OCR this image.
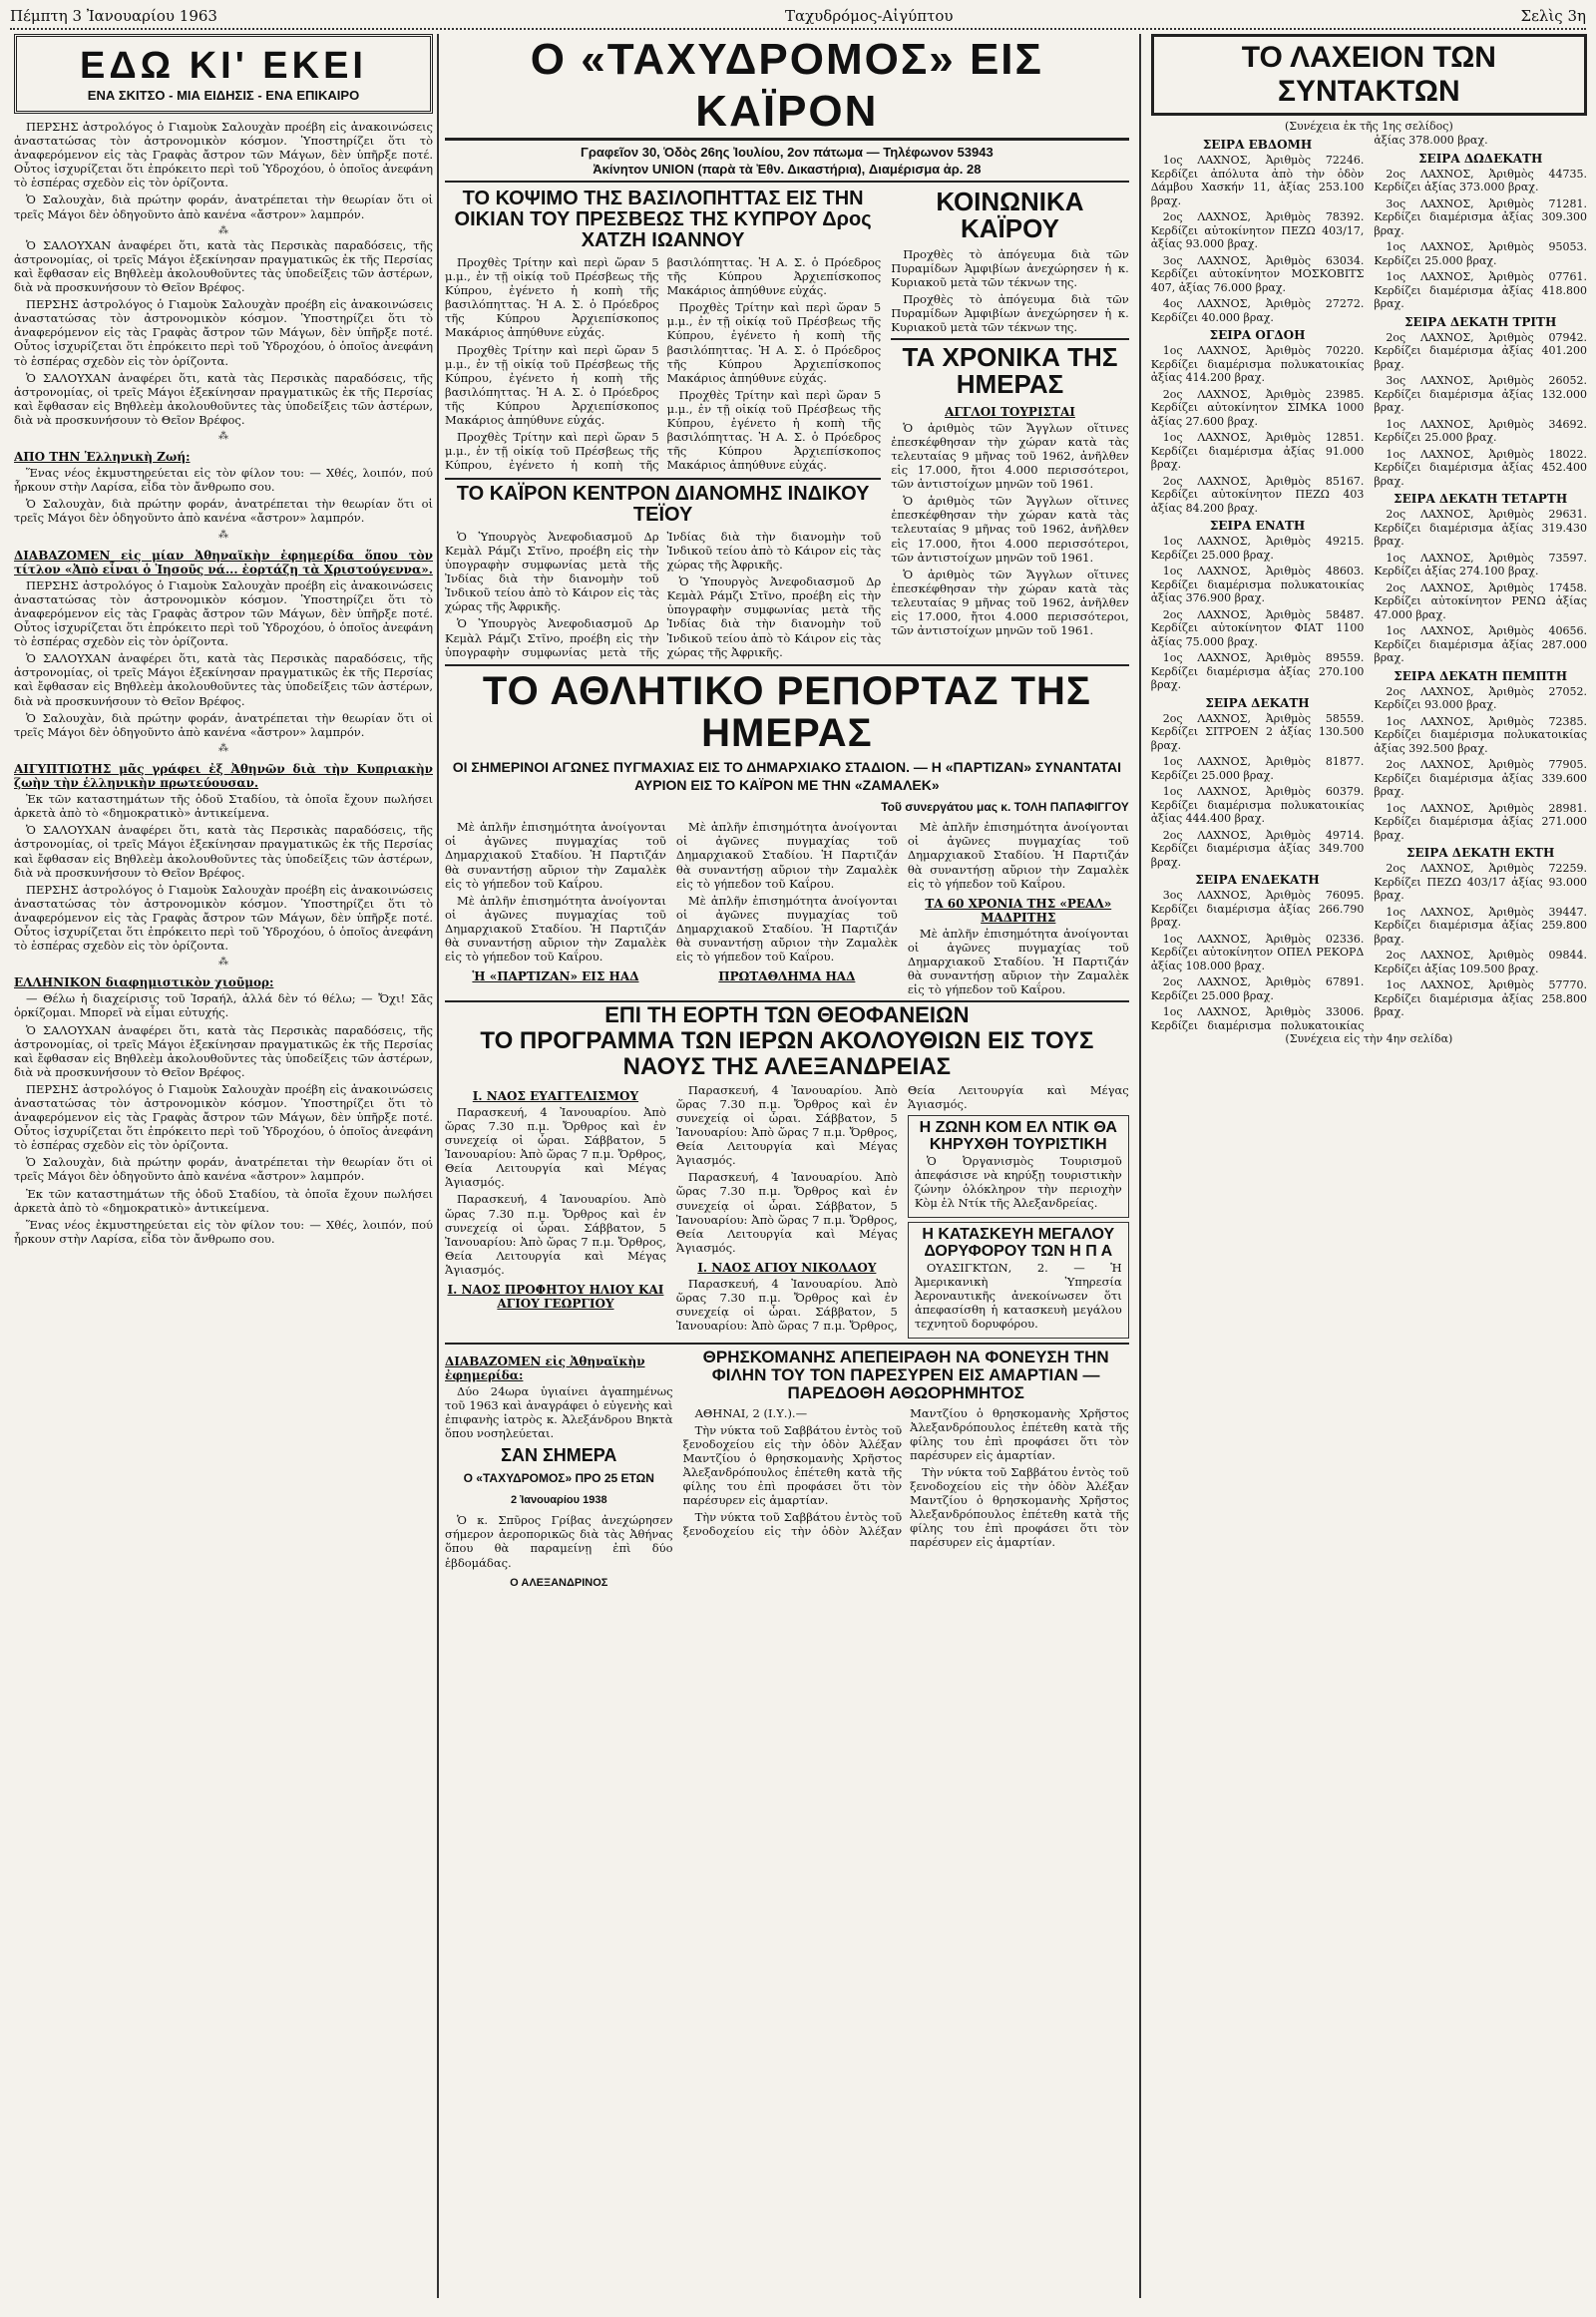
Πέμπτη 3 Ἰανουαρίου 1963	Ταχυδρόμος-Αἰγύπτου	Σελὶς 3η
ΕΔΩ ΚΙ' ΕΚΕΙ
ΕΝΑ ΣΚΙΤΣΟ - ΜΙΑ ΕΙΔΗΣΙΣ - ΕΝΑ ΕΠΙΚΑΙΡΟ

ΠΕΡΣΗΣ ἀστρολόγος ὁ Γιαμοὺκ Σαλουχὰν προέβη εἰς ἀνακοινώσεις ἀναστατώσας τὸν ἀστρονομικὸν κόσμον. Ὑποστηρίζει ὅτι τὸ ἀναφερόμενον εἰς τὰς Γραφὰς ἄστρον τῶν Μάγων, δὲν ὑπῆρξε ποτέ. Οὗτος ἰσχυρίζεται ὅτι ἐπρόκειτο περὶ τοῦ Ὑδροχόου, ὁ ὁποῖος ἀνεφάνη τὸ ἑσπέρας σχεδὸν εἰς τὸν ὁρίζοντα.

Ὁ Σαλουχὰν, διὰ πρώτην φοράν, ἀνατρέπεται τὴν θεωρίαν ὅτι οἱ τρεῖς Μάγοι δὲν ὁδηγοῦντο ἀπὸ κανένα «ἄστρον» λαμπρόν.

⁂

Ὁ ΣΑΛΟΥΧΑΝ ἀναφέρει ὅτι, κατὰ τὰς Περσικὰς παραδόσεις, τῆς ἀστρονομίας, οἱ τρεῖς Μάγοι ἐξεκίνησαν πραγματικῶς ἐκ τῆς Περσίας καὶ ἔφθασαν εἰς Βηθλεὲμ ἀκολουθοῦντες τὰς ὑποδείξεις τῶν ἀστέρων, διὰ νὰ προσκυνήσουν τὸ Θεῖον Βρέφος.

ΠΕΡΣΗΣ ἀστρολόγος ὁ Γιαμοὺκ Σαλουχὰν προέβη εἰς ἀνακοινώσεις ἀναστατώσας τὸν ἀστρονομικὸν κόσμον. Ὑποστηρίζει ὅτι τὸ ἀναφερόμενον εἰς τὰς Γραφὰς ἄστρον τῶν Μάγων, δὲν ὑπῆρξε ποτέ. Οὗτος ἰσχυρίζεται ὅτι ἐπρόκειτο περὶ τοῦ Ὑδροχόου, ὁ ὁποῖος ἀνεφάνη τὸ ἑσπέρας σχεδὸν εἰς τὸν ὁρίζοντα.

Ὁ ΣΑΛΟΥΧΑΝ ἀναφέρει ὅτι, κατὰ τὰς Περσικὰς παραδόσεις, τῆς ἀστρονομίας, οἱ τρεῖς Μάγοι ἐξεκίνησαν πραγματικῶς ἐκ τῆς Περσίας καὶ ἔφθασαν εἰς Βηθλεὲμ ἀκολουθοῦντες τὰς ὑποδείξεις τῶν ἀστέρων, διὰ νὰ προσκυνήσουν τὸ Θεῖον Βρέφος.

⁂
ΑΠΟ ΤΗΝ Ἑλληνικὴ Ζωή:

Ἕνας νέος ἐκμυστηρεύεται εἰς τὸν φίλον του: — Χθές, λοιπόν, πού ἧρκουν στὴν Λαρίσα, εἶδα τὸν ἄνθρωπο σου.

Ὁ Σαλουχὰν, διὰ πρώτην φοράν, ἀνατρέπεται τὴν θεωρίαν ὅτι οἱ τρεῖς Μάγοι δὲν ὁδηγοῦντο ἀπὸ κανένα «ἄστρον» λαμπρόν.

⁂
ΔΙΑΒΑΖΟΜΕΝ εἰς μίαν Ἀθηναϊκὴν ἐφημερίδα ὅπου τὸν τίτλον «Ἀπὸ εἶναι ὁ Ἰησοῦς νά... ἐορτάζη τὰ Χριστούγεννα».

ΠΕΡΣΗΣ ἀστρολόγος ὁ Γιαμοὺκ Σαλουχὰν προέβη εἰς ἀνακοινώσεις ἀναστατώσας τὸν ἀστρονομικὸν κόσμον. Ὑποστηρίζει ὅτι τὸ ἀναφερόμενον εἰς τὰς Γραφὰς ἄστρον τῶν Μάγων, δὲν ὑπῆρξε ποτέ. Οὗτος ἰσχυρίζεται ὅτι ἐπρόκειτο περὶ τοῦ Ὑδροχόου, ὁ ὁποῖος ἀνεφάνη τὸ ἑσπέρας σχεδὸν εἰς τὸν ὁρίζοντα.

Ὁ ΣΑΛΟΥΧΑΝ ἀναφέρει ὅτι, κατὰ τὰς Περσικὰς παραδόσεις, τῆς ἀστρονομίας, οἱ τρεῖς Μάγοι ἐξεκίνησαν πραγματικῶς ἐκ τῆς Περσίας καὶ ἔφθασαν εἰς Βηθλεὲμ ἀκολουθοῦντες τὰς ὑποδείξεις τῶν ἀστέρων, διὰ νὰ προσκυνήσουν τὸ Θεῖον Βρέφος.

Ὁ Σαλουχὰν, διὰ πρώτην φοράν, ἀνατρέπεται τὴν θεωρίαν ὅτι οἱ τρεῖς Μάγοι δὲν ὁδηγοῦντο ἀπὸ κανένα «ἄστρον» λαμπρόν.

⁂
ΑΙΓΥΠΤΙΩΤΗΣ μᾶς γράφει ἐξ Ἀθηνῶν διὰ τὴν Κυπριακὴν ζωὴν τὴν ἑλληνικὴν πρωτεύουσαν.

Ἐκ τῶν καταστημάτων τῆς ὁδοῦ Σταδίου, τὰ ὁποῖα ἔχουν πωλήσει ἀρκετὰ ἀπὸ τὸ «δημοκρατικὸ» ἀντικείμενα.

Ὁ ΣΑΛΟΥΧΑΝ ἀναφέρει ὅτι, κατὰ τὰς Περσικὰς παραδόσεις, τῆς ἀστρονομίας, οἱ τρεῖς Μάγοι ἐξεκίνησαν πραγματικῶς ἐκ τῆς Περσίας καὶ ἔφθασαν εἰς Βηθλεὲμ ἀκολουθοῦντες τὰς ὑποδείξεις τῶν ἀστέρων, διὰ νὰ προσκυνήσουν τὸ Θεῖον Βρέφος.

ΠΕΡΣΗΣ ἀστρολόγος ὁ Γιαμοὺκ Σαλουχὰν προέβη εἰς ἀνακοινώσεις ἀναστατώσας τὸν ἀστρονομικὸν κόσμον. Ὑποστηρίζει ὅτι τὸ ἀναφερόμενον εἰς τὰς Γραφὰς ἄστρον τῶν Μάγων, δὲν ὑπῆρξε ποτέ. Οὗτος ἰσχυρίζεται ὅτι ἐπρόκειτο περὶ τοῦ Ὑδροχόου, ὁ ὁποῖος ἀνεφάνη τὸ ἑσπέρας σχεδὸν εἰς τὸν ὁρίζοντα.

⁂
ΕΛΛΗΝΙΚΟΝ διαφημιστικὸν χιοῦμορ:

— Θέλω ἡ διαχείρισις τοῦ Ἰσραήλ, ἀλλά δὲν τό θέλω; — Ὄχι! Σᾶς ὁρκίζομαι. Μπορεῖ νὰ εἶμαι εὐτυχής.

Ὁ ΣΑΛΟΥΧΑΝ ἀναφέρει ὅτι, κατὰ τὰς Περσικὰς παραδόσεις, τῆς ἀστρονομίας, οἱ τρεῖς Μάγοι ἐξεκίνησαν πραγματικῶς ἐκ τῆς Περσίας καὶ ἔφθασαν εἰς Βηθλεὲμ ἀκολουθοῦντες τὰς ὑποδείξεις τῶν ἀστέρων, διὰ νὰ προσκυνήσουν τὸ Θεῖον Βρέφος.

ΠΕΡΣΗΣ ἀστρολόγος ὁ Γιαμοὺκ Σαλουχὰν προέβη εἰς ἀνακοινώσεις ἀναστατώσας τὸν ἀστρονομικὸν κόσμον. Ὑποστηρίζει ὅτι τὸ ἀναφερόμενον εἰς τὰς Γραφὰς ἄστρον τῶν Μάγων, δὲν ὑπῆρξε ποτέ. Οὗτος ἰσχυρίζεται ὅτι ἐπρόκειτο περὶ τοῦ Ὑδροχόου, ὁ ὁποῖος ἀνεφάνη τὸ ἑσπέρας σχεδὸν εἰς τὸν ὁρίζοντα.

Ὁ Σαλουχὰν, διὰ πρώτην φοράν, ἀνατρέπεται τὴν θεωρίαν ὅτι οἱ τρεῖς Μάγοι δὲν ὁδηγοῦντο ἀπὸ κανένα «ἄστρον» λαμπρόν.

Ἐκ τῶν καταστημάτων τῆς ὁδοῦ Σταδίου, τὰ ὁποῖα ἔχουν πωλήσει ἀρκετὰ ἀπὸ τὸ «δημοκρατικὸ» ἀντικείμενα.

Ἕνας νέος ἐκμυστηρεύεται εἰς τὸν φίλον του: — Χθές, λοιπόν, πού ἧρκουν στὴν Λαρίσα, εἶδα τὸν ἄνθρωπο σου.

Ο «ΤΑΧΥΔΡΟΜΟΣ» ΕΙΣ ΚΑΪΡΟΝ
Γραφεῖον 30, Ὁδὸς 26ης Ἰουλίου, 2ον πάτωμα — Τηλέφωνον 53943
Ἀκίνητον UNION (παρὰ τὰ Ἐθν. Δικαστήρια), Διαμέρισμα ἀρ. 28
ΤΟ ΚΟΨΙΜΟ ΤΗΣ ΒΑΣΙΛΟΠΗΤΤΑΣ ΕΙΣ ΤΗΝ ΟΙΚΙΑΝ ΤΟΥ ΠΡΕΣΒΕΩΣ ΤΗΣ ΚΥΠΡΟΥ Δρος ΧΑΤΖΗ ΙΩΑΝΝΟΥ

Προχθὲς Τρίτην καὶ περὶ ὥραν 5 μ.μ., ἐν τῇ οἰκίᾳ τοῦ Πρέσβεως τῆς Κύπρου, ἐγένετο ἡ κοπὴ τῆς βασιλόπηττας. Ἡ Α. Σ. ὁ Πρόεδρος τῆς Κύπρου Ἀρχιεπίσκοπος Μακάριος ἀπηύθυνε εὐχάς.

Προχθὲς Τρίτην καὶ περὶ ὥραν 5 μ.μ., ἐν τῇ οἰκίᾳ τοῦ Πρέσβεως τῆς Κύπρου, ἐγένετο ἡ κοπὴ τῆς βασιλόπηττας. Ἡ Α. Σ. ὁ Πρόεδρος τῆς Κύπρου Ἀρχιεπίσκοπος Μακάριος ἀπηύθυνε εὐχάς.

Προχθὲς Τρίτην καὶ περὶ ὥραν 5 μ.μ., ἐν τῇ οἰκίᾳ τοῦ Πρέσβεως τῆς Κύπρου, ἐγένετο ἡ κοπὴ τῆς βασιλόπηττας. Ἡ Α. Σ. ὁ Πρόεδρος τῆς Κύπρου Ἀρχιεπίσκοπος Μακάριος ἀπηύθυνε εὐχάς.

Προχθὲς Τρίτην καὶ περὶ ὥραν 5 μ.μ., ἐν τῇ οἰκίᾳ τοῦ Πρέσβεως τῆς Κύπρου, ἐγένετο ἡ κοπὴ τῆς βασιλόπηττας. Ἡ Α. Σ. ὁ Πρόεδρος τῆς Κύπρου Ἀρχιεπίσκοπος Μακάριος ἀπηύθυνε εὐχάς.

Προχθὲς Τρίτην καὶ περὶ ὥραν 5 μ.μ., ἐν τῇ οἰκίᾳ τοῦ Πρέσβεως τῆς Κύπρου, ἐγένετο ἡ κοπὴ τῆς βασιλόπηττας. Ἡ Α. Σ. ὁ Πρόεδρος τῆς Κύπρου Ἀρχιεπίσκοπος Μακάριος ἀπηύθυνε εὐχάς.

ΤΟ ΚΑΪΡΟΝ ΚΕΝΤΡΟΝ ΔΙΑΝΟΜΗΣ ΙΝΔΙΚΟΥ ΤΕΪΟΥ

Ὁ Ὑπουργὸς Ἀνεφοδιασμοῦ Δρ Κεμὰλ Ράμζι Στῖνο, προέβη εἰς τὴν ὑπογραφὴν συμφωνίας μετὰ τῆς Ἰνδίας διὰ τὴν διανομὴν τοῦ Ἰνδικοῦ τείου ἀπὸ τὸ Κάιρον εἰς τὰς χώρας τῆς Ἀφρικῆς.

Ὁ Ὑπουργὸς Ἀνεφοδιασμοῦ Δρ Κεμὰλ Ράμζι Στῖνο, προέβη εἰς τὴν ὑπογραφὴν συμφωνίας μετὰ τῆς Ἰνδίας διὰ τὴν διανομὴν τοῦ Ἰνδικοῦ τείου ἀπὸ τὸ Κάιρον εἰς τὰς χώρας τῆς Ἀφρικῆς.

Ὁ Ὑπουργὸς Ἀνεφοδιασμοῦ Δρ Κεμὰλ Ράμζι Στῖνο, προέβη εἰς τὴν ὑπογραφὴν συμφωνίας μετὰ τῆς Ἰνδίας διὰ τὴν διανομὴν τοῦ Ἰνδικοῦ τείου ἀπὸ τὸ Κάιρον εἰς τὰς χώρας τῆς Ἀφρικῆς.

ΚΟΙΝΩΝΙΚΑ ΚΑΪΡΟΥ

Προχθὲς τὸ ἀπόγευμα διὰ τῶν Πυραμίδων Ἀμφιβίων ἀνεχώρησεν ἡ κ. Κυριακοῦ μετὰ τῶν τέκνων της.

Προχθὲς τὸ ἀπόγευμα διὰ τῶν Πυραμίδων Ἀμφιβίων ἀνεχώρησεν ἡ κ. Κυριακοῦ μετὰ τῶν τέκνων της.

ΤΑ ΧΡΟΝΙΚΑ ΤΗΣ ΗΜΕΡΑΣ
ΑΓΓΛΟΙ ΤΟΥΡΙΣΤΑΙ

Ὁ ἀριθμὸς τῶν Ἄγγλων οἵτινες ἐπεσκέφθησαν τὴν χώραν κατὰ τὰς τελευταίας 9 μῆνας τοῦ 1962, ἀνῆλθεν εἰς 17.000, ἤτοι 4.000 περισσότεροι, τῶν ἀντιστοίχων μηνῶν τοῦ 1961.

Ὁ ἀριθμὸς τῶν Ἄγγλων οἵτινες ἐπεσκέφθησαν τὴν χώραν κατὰ τὰς τελευταίας 9 μῆνας τοῦ 1962, ἀνῆλθεν εἰς 17.000, ἤτοι 4.000 περισσότεροι, τῶν ἀντιστοίχων μηνῶν τοῦ 1961.

Ὁ ἀριθμὸς τῶν Ἄγγλων οἵτινες ἐπεσκέφθησαν τὴν χώραν κατὰ τὰς τελευταίας 9 μῆνας τοῦ 1962, ἀνῆλθεν εἰς 17.000, ἤτοι 4.000 περισσότεροι, τῶν ἀντιστοίχων μηνῶν τοῦ 1961.

ΤΟ ΑΘΛΗΤΙΚΟ ΡΕΠΟΡΤΑΖ ΤΗΣ ΗΜΕΡΑΣ
ΟΙ ΣΗΜΕΡΙΝΟΙ ΑΓΩΝΕΣ ΠΥΓΜΑΧΙΑΣ ΕΙΣ ΤΟ ΔΗΜΑΡΧΙΑΚΟ ΣΤΑΔΙΟΝ. — Η «ΠΑΡΤΙΖΑΝ» ΣΥΝΑΝΤΑΤΑΙ ΑΥΡΙΟΝ ΕΙΣ ΤΟ ΚΑΪΡΟΝ ΜΕ ΤΗΝ «ΖΑΜΑΛΕΚ»
Τοῦ συνεργάτου μας κ. ΤΟΛΗ ΠΑΠΑΦΙΓΓΟΥ

Μὲ ἀπλῆν ἐπισημότητα ἀνοίγονται οἱ ἀγῶνες πυγμαχίας τοῦ Δημαρχιακοῦ Σταδίου. Ἡ Παρτιζάν θὰ συναντήσῃ αὔριον τὴν Ζαμαλὲκ εἰς τὸ γήπεδον τοῦ Καΐρου.

Μὲ ἀπλῆν ἐπισημότητα ἀνοίγονται οἱ ἀγῶνες πυγμαχίας τοῦ Δημαρχιακοῦ Σταδίου. Ἡ Παρτιζάν θὰ συναντήσῃ αὔριον τὴν Ζαμαλὲκ εἰς τὸ γήπεδον τοῦ Καΐρου.

Ἡ «ΠΑΡΤΙΖΑΝ» ΕΙΣ ΗΑΔ

Μὲ ἀπλῆν ἐπισημότητα ἀνοίγονται οἱ ἀγῶνες πυγμαχίας τοῦ Δημαρχιακοῦ Σταδίου. Ἡ Παρτιζάν θὰ συναντήσῃ αὔριον τὴν Ζαμαλὲκ εἰς τὸ γήπεδον τοῦ Καΐρου.

Μὲ ἀπλῆν ἐπισημότητα ἀνοίγονται οἱ ἀγῶνες πυγμαχίας τοῦ Δημαρχιακοῦ Σταδίου. Ἡ Παρτιζάν θὰ συναντήσῃ αὔριον τὴν Ζαμαλὲκ εἰς τὸ γήπεδον τοῦ Καΐρου.

ΠΡΩΤΑΘΛΗΜΑ ΗΑΔ

Μὲ ἀπλῆν ἐπισημότητα ἀνοίγονται οἱ ἀγῶνες πυγμαχίας τοῦ Δημαρχιακοῦ Σταδίου. Ἡ Παρτιζάν θὰ συναντήσῃ αὔριον τὴν Ζαμαλὲκ εἰς τὸ γήπεδον τοῦ Καΐρου.

ΤΑ 60 ΧΡΟΝΙΑ ΤΗΣ «ΡΕΑΛ» ΜΑΔΡΙΤΗΣ

Μὲ ἀπλῆν ἐπισημότητα ἀνοίγονται οἱ ἀγῶνες πυγμαχίας τοῦ Δημαρχιακοῦ Σταδίου. Ἡ Παρτιζάν θὰ συναντήσῃ αὔριον τὴν Ζαμαλὲκ εἰς τὸ γήπεδον τοῦ Καΐρου.

ΕΠΙ ΤΗ ΕΟΡΤΗ ΤΩΝ ΘΕΟΦΑΝΕΙΩΝ
ΤΟ ΠΡΟΓΡΑΜΜΑ ΤΩΝ ΙΕΡΩΝ ΑΚΟΛΟΥΘΙΩΝ ΕΙΣ ΤΟΥΣ ΝΑΟΥΣ ΤΗΣ ΑΛΕΞΑΝΔΡΕΙΑΣ
Ι. ΝΑΟΣ ΕΥΑΓΓΕΛΙΣΜΟΥ

Παρασκευή, 4 Ἰανουαρίου. Ἀπὸ ὥρας 7.30 π.μ. Ὄρθρος καὶ ἐν συνεχείᾳ οἱ ὧραι. Σάββατον, 5 Ἰανουαρίου: Ἀπὸ ὥρας 7 π.μ. Ὄρθρος, Θεία Λειτουργία καὶ Μέγας Ἁγιασμός.

Παρασκευή, 4 Ἰανουαρίου. Ἀπὸ ὥρας 7.30 π.μ. Ὄρθρος καὶ ἐν συνεχείᾳ οἱ ὧραι. Σάββατον, 5 Ἰανουαρίου: Ἀπὸ ὥρας 7 π.μ. Ὄρθρος, Θεία Λειτουργία καὶ Μέγας Ἁγιασμός.

Ι. ΝΑΟΣ ΠΡΟΦΗΤΟΥ ΗΛΙΟΥ ΚΑΙ ΑΓΙΟΥ ΓΕΩΡΓΙΟΥ

Παρασκευή, 4 Ἰανουαρίου. Ἀπὸ ὥρας 7.30 π.μ. Ὄρθρος καὶ ἐν συνεχείᾳ οἱ ὧραι. Σάββατον, 5 Ἰανουαρίου: Ἀπὸ ὥρας 7 π.μ. Ὄρθρος, Θεία Λειτουργία καὶ Μέγας Ἁγιασμός.

Παρασκευή, 4 Ἰανουαρίου. Ἀπὸ ὥρας 7.30 π.μ. Ὄρθρος καὶ ἐν συνεχείᾳ οἱ ὧραι. Σάββατον, 5 Ἰανουαρίου: Ἀπὸ ὥρας 7 π.μ. Ὄρθρος, Θεία Λειτουργία καὶ Μέγας Ἁγιασμός.

Ι. ΝΑΟΣ ΑΓΙΟΥ ΝΙΚΟΛΑΟΥ

Παρασκευή, 4 Ἰανουαρίου. Ἀπὸ ὥρας 7.30 π.μ. Ὄρθρος καὶ ἐν συνεχείᾳ οἱ ὧραι. Σάββατον, 5 Ἰανουαρίου: Ἀπὸ ὥρας 7 π.μ. Ὄρθρος, Θεία Λειτουργία καὶ Μέγας Ἁγιασμός.

Η ΖΩΝΗ ΚΟΜ ΕΛ ΝΤΙΚ ΘΑ ΚΗΡΥΧΘΗ ΤΟΥΡΙΣΤΙΚΗ

Ὁ Ὀργανισμὸς Τουρισμοῦ ἀπεφάσισε νὰ κηρύξῃ τουριστικὴν ζώνην ὁλόκληρον τὴν περιοχὴν Κὸμ ἐλ Ντίκ τῆς Ἀλεξανδρείας.

Η ΚΑΤΑΣΚΕΥΗ ΜΕΓΑΛΟΥ ΔΟΡΥΦΟΡΟΥ ΤΩΝ Η Π Α

ΟΥΑΣΙΓΚΤΩΝ, 2. — Ἡ Ἀμερικανικὴ Ὑπηρεσία Ἀεροναυτικῆς ἀνεκοίνωσεν ὅτι ἀπεφασίσθη ἡ κατασκευὴ μεγάλου τεχνητοῦ δορυφόρου.

ΔΙΑΒΑΖΟΜΕΝ εἰς Ἀθηναϊκὴν ἐφημερίδα:

Δύο 24ωρα ὑγιαίνει ἀγαπημένως τοῦ 1963 καὶ ἀναγράφει ὁ εὐγενὴς καὶ ἐπιφανὴς ἰατρὸς κ. Ἀλεξάνδρου Βηκτὰ ὅπου νοσηλεύεται.

ΣΑΝ ΣΗΜΕΡΑ
Ο «ΤΑΧΥΔΡΟΜΟΣ» ΠΡΟ 25 ΕΤΩΝ
2 Ἰανουαρίου 1938

Ὁ κ. Σπῦρος Γρίβας ἀνεχώρησεν σήμερον ἀεροπορικῶς διὰ τὰς Ἀθήνας ὅπου θὰ παραμείνῃ ἐπὶ δύο ἑβδομάδας.

Ο ΑΛΕΞΑΝΔΡΙΝΟΣ
ΘΡΗΣΚΟΜΑΝΗΣ ΑΠΕΠΕΙΡΑΘΗ ΝΑ ΦΟΝΕΥΣΗ ΤΗΝ ΦΙΛΗΝ ΤΟΥ ΤΟΝ ΠΑΡΕΣΥΡΕΝ ΕΙΣ ΑΜΑΡΤΙΑΝ — ΠΑΡΕΔΟΘΗ ΑΘΩΟΡΗΜΗΤΟΣ

ΑΘΗΝΑΙ, 2 (Ι.Υ.).—

Τὴν νύκτα τοῦ Σαββάτου ἐντὸς τοῦ ξενοδοχείου εἰς τὴν ὁδὸν Ἀλέξαν Μαντζίου ὁ θρησκομανὴς Χρῆστος Ἀλεξανδρόπουλος ἐπέτεθη κατὰ τῆς φίλης του ἐπὶ προφάσει ὅτι τὸν παρέσυρεν εἰς ἁμαρτίαν.

Τὴν νύκτα τοῦ Σαββάτου ἐντὸς τοῦ ξενοδοχείου εἰς τὴν ὁδὸν Ἀλέξαν Μαντζίου ὁ θρησκομανὴς Χρῆστος Ἀλεξανδρόπουλος ἐπέτεθη κατὰ τῆς φίλης του ἐπὶ προφάσει ὅτι τὸν παρέσυρεν εἰς ἁμαρτίαν.

Τὴν νύκτα τοῦ Σαββάτου ἐντὸς τοῦ ξενοδοχείου εἰς τὴν ὁδὸν Ἀλέξαν Μαντζίου ὁ θρησκομανὴς Χρῆστος Ἀλεξανδρόπουλος ἐπέτεθη κατὰ τῆς φίλης του ἐπὶ προφάσει ὅτι τὸν παρέσυρεν εἰς ἁμαρτίαν.

ΤΟ ΛΑΧΕΙΟΝ ΤΩΝ ΣΥΝΤΑΚΤΩΝ
(Συνέχεια ἐκ τῆς 1ης σελίδος)
ΣΕΙΡΑ ΕΒΔΟΜΗ

1ος ΛΑΧΝΟΣ, Ἀριθμὸς 72246. Κερδίζει ἀπόλυτα ἀπὸ τὴν ὁδὸν Δάμβου Χασκήν 11, ἀξίας 253.100 βραχ.

2ος ΛΑΧΝΟΣ, Ἀριθμὸς 78392. Κερδίζει αὐτοκίνητον ΠΕΖΩ 403/17, ἀξίας 93.000 βραχ.

3ος ΛΑΧΝΟΣ, Ἀριθμὸς 63034. Κερδίζει αὐτοκίνητον ΜΟΣΚΟΒΙΤΣ 407, ἀξίας 76.000 βραχ.

4ος ΛΑΧΝΟΣ, Ἀριθμὸς 27272. Κερδίζει 40.000 βραχ.

ΣΕΙΡΑ ΟΓΔΟΗ

1ος ΛΑΧΝΟΣ, Ἀριθμὸς 70220. Κερδίζει διαμέρισμα πολυκατοικίας ἀξίας 414.200 βραχ.

2ος ΛΑΧΝΟΣ, Ἀριθμὸς 23985. Κερδίζει αὐτοκίνητον ΣΙΜΚΑ 1000 ἀξίας 27.600 βραχ.

1ος ΛΑΧΝΟΣ, Ἀριθμὸς 12851. Κερδίζει διαμέρισμα ἀξίας 91.000 βραχ.

2ος ΛΑΧΝΟΣ, Ἀριθμὸς 85167. Κερδίζει αὐτοκίνητον ΠΕΖΩ 403 ἀξίας 84.200 βραχ.

ΣΕΙΡΑ ΕΝΑΤΗ

1ος ΛΑΧΝΟΣ, Ἀριθμὸς 49215. Κερδίζει 25.000 βραχ.

1ος ΛΑΧΝΟΣ, Ἀριθμὸς 48603. Κερδίζει διαμέρισμα πολυκατοικίας ἀξίας 376.900 βραχ.

2ος ΛΑΧΝΟΣ, Ἀριθμὸς 58487. Κερδίζει αὐτοκίνητον ΦΙΑΤ 1100 ἀξίας 75.000 βραχ.

1ος ΛΑΧΝΟΣ, Ἀριθμὸς 89559. Κερδίζει διαμέρισμα ἀξίας 270.100 βραχ.

ΣΕΙΡΑ ΔΕΚΑΤΗ

2ος ΛΑΧΝΟΣ, Ἀριθμὸς 58559. Κερδίζει ΣΙΤΡΟΕΝ 2 ἀξίας 130.500 βραχ.

1ος ΛΑΧΝΟΣ, Ἀριθμὸς 81877. Κερδίζει 25.000 βραχ.

1ος ΛΑΧΝΟΣ, Ἀριθμὸς 60379. Κερδίζει διαμέρισμα πολυκατοικίας ἀξίας 444.400 βραχ.

2ος ΛΑΧΝΟΣ, Ἀριθμὸς 49714. Κερδίζει διαμέρισμα ἀξίας 349.700 βραχ.

ΣΕΙΡΑ ΕΝΔΕΚΑΤΗ

3ος ΛΑΧΝΟΣ, Ἀριθμὸς 76095. Κερδίζει διαμέρισμα ἀξίας 266.790 βραχ.

1ος ΛΑΧΝΟΣ, Ἀριθμὸς 02336. Κερδίζει αὐτοκίνητον ΟΠΕΛ ΡΕΚΟΡΔ ἀξίας 108.000 βραχ.

2ος ΛΑΧΝΟΣ, Ἀριθμὸς 67891. Κερδίζει 25.000 βραχ.

1ος ΛΑΧΝΟΣ, Ἀριθμὸς 33006. Κερδίζει διαμέρισμα πολυκατοικίας ἀξίας 378.000 βραχ.

ΣΕΙΡΑ ΔΩΔΕΚΑΤΗ

2ος ΛΑΧΝΟΣ, Ἀριθμὸς 44735. Κερδίζει ἀξίας 373.000 βραχ.

3ος ΛΑΧΝΟΣ, Ἀριθμὸς 71281. Κερδίζει διαμέρισμα ἀξίας 309.300 βραχ.

1ος ΛΑΧΝΟΣ, Ἀριθμὸς 95053. Κερδίζει 25.000 βραχ.

1ος ΛΑΧΝΟΣ, Ἀριθμὸς 07761. Κερδίζει διαμέρισμα ἀξίας 418.800 βραχ.

ΣΕΙΡΑ ΔΕΚΑΤΗ ΤΡΙΤΗ

2ος ΛΑΧΝΟΣ, Ἀριθμὸς 07942. Κερδίζει διαμέρισμα ἀξίας 401.200 βραχ.

3ος ΛΑΧΝΟΣ, Ἀριθμὸς 26052. Κερδίζει διαμέρισμα ἀξίας 132.000 βραχ.

1ος ΛΑΧΝΟΣ, Ἀριθμὸς 34692. Κερδίζει 25.000 βραχ.

1ος ΛΑΧΝΟΣ, Ἀριθμὸς 18022. Κερδίζει διαμέρισμα ἀξίας 452.400 βραχ.

ΣΕΙΡΑ ΔΕΚΑΤΗ ΤΕΤΑΡΤΗ

2ος ΛΑΧΝΟΣ, Ἀριθμὸς 29631. Κερδίζει διαμέρισμα ἀξίας 319.430 βραχ.

1ος ΛΑΧΝΟΣ, Ἀριθμὸς 73597. Κερδίζει ἀξίας 274.100 βραχ.

2ος ΛΑΧΝΟΣ, Ἀριθμὸς 17458. Κερδίζει αὐτοκίνητον ΡΕΝΩ ἀξίας 47.000 βραχ.

1ος ΛΑΧΝΟΣ, Ἀριθμὸς 40656. Κερδίζει διαμέρισμα ἀξίας 287.000 βραχ.

ΣΕΙΡΑ ΔΕΚΑΤΗ ΠΕΜΠΤΗ

2ος ΛΑΧΝΟΣ, Ἀριθμὸς 27052. Κερδίζει 93.000 βραχ.

1ος ΛΑΧΝΟΣ, Ἀριθμὸς 72385. Κερδίζει διαμέρισμα πολυκατοικίας ἀξίας 392.500 βραχ.

2ος ΛΑΧΝΟΣ, Ἀριθμὸς 77905. Κερδίζει διαμέρισμα ἀξίας 339.600 βραχ.

1ος ΛΑΧΝΟΣ, Ἀριθμὸς 28981. Κερδίζει διαμέρισμα ἀξίας 271.000 βραχ.

ΣΕΙΡΑ ΔΕΚΑΤΗ ΕΚΤΗ

2ος ΛΑΧΝΟΣ, Ἀριθμὸς 72259. Κερδίζει ΠΕΖΩ 403/17 ἀξίας 93.000 βραχ.

1ος ΛΑΧΝΟΣ, Ἀριθμὸς 39447. Κερδίζει διαμέρισμα ἀξίας 259.800 βραχ.

2ος ΛΑΧΝΟΣ, Ἀριθμὸς 09844. Κερδίζει ἀξίας 109.500 βραχ.

1ος ΛΑΧΝΟΣ, Ἀριθμὸς 57770. Κερδίζει διαμέρισμα ἀξίας 258.800 βραχ.

(Συνέχεια εἰς τὴν 4ην σελίδα)
